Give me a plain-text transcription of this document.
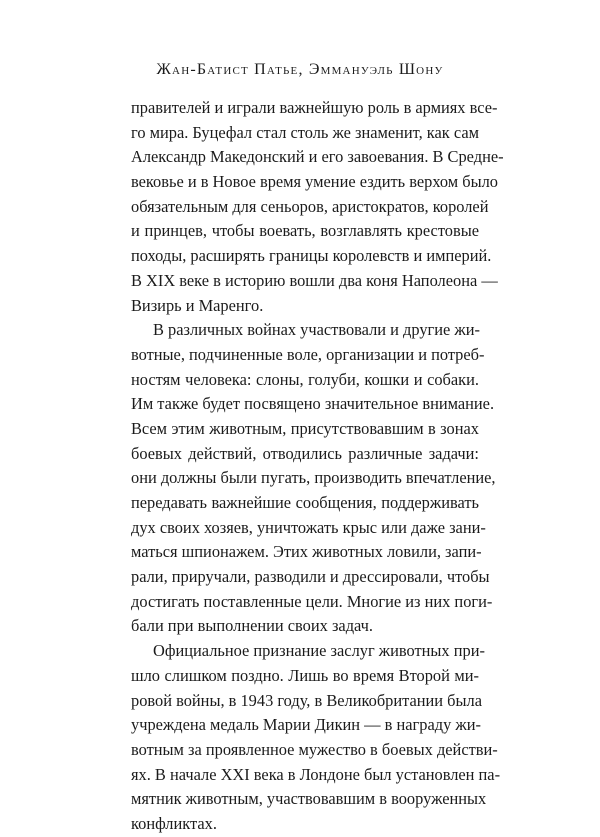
Жан-Батист Патье, Эммануэль Шону
правителей и играли важнейшую роль в армиях все-
го мира. Буцефал стал столь же знаменит, как сам
Александр Македонский и его завоевания. В Средне-
вековье и в Новое время умение ездить верхом было
обязательным для сеньоров, аристократов, королей
и принцев, чтобы воевать, возглавлять крестовые
походы, расширять границы королевств и империй.
В XIX веке в историю вошли два коня Наполеона —
Визирь и Маренго.
В различных войнах участвовали и другие жи-
вотные, подчиненные воле, организации и потреб-
ностям человека: слоны, голуби, кошки и собаки.
Им также будет посвящено значительное внимание.
Всем этим животным, присутствовавшим в зонах
боевых действий, отводились различные задачи:
они должны были пугать, производить впечатление,
передавать важнейшие сообщения, поддерживать
дух своих хозяев, уничтожать крыс или даже зани-
маться шпионажем. Этих животных ловили, запи-
рали, приручали, разводили и дрессировали, чтобы
достигать поставленные цели. Многие из них поги-
бали при выполнении своих задач.
Официальное признание заслуг животных при-
шло слишком поздно. Лишь во время Второй ми-
ровой войны, в 1943 году, в Великобритании была
учреждена медаль Марии Дикин — в награду жи-
вотным за проявленное мужество в боевых действи-
ях. В начале XXI века в Лондоне был установлен па-
мятник животным, участвовавшим в вооруженных
конфликтах.
